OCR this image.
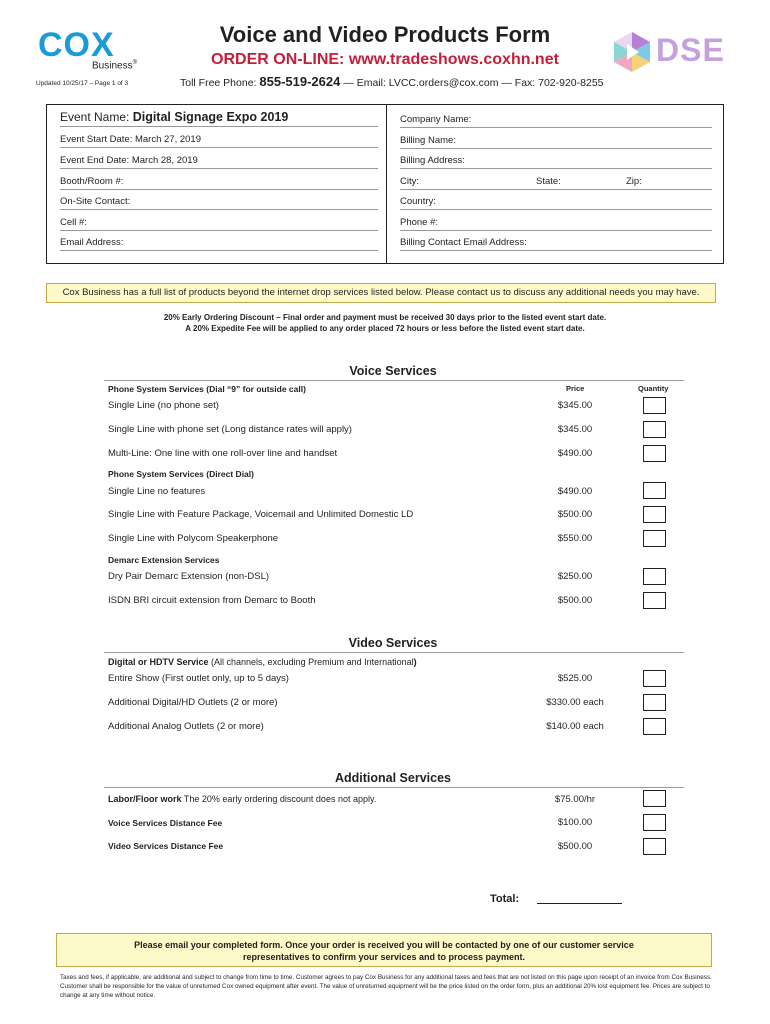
COX
Business®
Updated 10/25/17 – Page 1 of 3
DSE
Voice and Video Products Form
ORDER ON-LINE: www.tradeshows.coxhn.net
Toll Free Phone: 855-519-2624 — Email: LVCC.orders@cox.com — Fax: 702-920-8255
Event Name: Digital Signage Expo 2019
Event Start Date: March 27, 2019
Event End Date: March 28, 2019
Booth/Room #:
On-Site Contact:
Cell #:
Email Address:
Company Name:
Billing Name:
Billing Address:
City:	State:	Zip:
Country:
Phone #:
Billing Contact Email Address:
Cox Business has a full list of products beyond the internet drop services listed below. Please contact us to discuss any additional needs you may have.
20% Early Ordering Discount – Final order and payment must be received 30 days prior to the listed event start date.
A 20% Expedite Fee will be applied to any order placed 72 hours or less before the listed event start date.
Voice Services
Phone System Services (Dial “9” for outside call)	Price	Quantity
Single Line (no phone set)	$345.00
Single Line with phone set (Long distance rates will apply)	$345.00
Multi-Line: One line with one roll-over line and handset	$490.00
Phone System Services (Direct Dial)
Single Line no features	$490.00
Single Line with Feature Package, Voicemail and Unlimited Domestic LD	$500.00
Single Line with Polycom Speakerphone	$550.00
Demarc Extension Services
Dry Pair Demarc Extension (non-DSL)	$250.00
ISDN BRI circuit extension from Demarc to Booth	$500.00
Video Services
Digital or HDTV Service (All channels, excluding Premium and International)
Entire Show (First outlet only, up to 5 days)	$525.00
Additional Digital/HD Outlets (2 or more)	$330.00 each
Additional Analog Outlets (2 or more)	$140.00 each
Additional Services
Labor/Floor work The 20% early ordering discount does not apply.	$75.00/hr
Voice Services Distance Fee	$100.00
Video Services Distance Fee	$500.00
Total:
Please email your completed form. Once your order is received you will be contacted by one of our customer service
representatives to confirm your services and to process payment.
Taxes and fees, if applicable, are additional and subject to change from time to time. Customer agrees to pay Cox Business for any additional taxes and fees that are not listed on this page upon receipt of an invoice from Cox Business. Customer shall be responsible for the value of unreturned Cox owned equipment after event. The value of unreturned equipment will be the price listed on the order form, plus an additional 20% lost equipment fee. Prices are subject to change at any time without notice.
